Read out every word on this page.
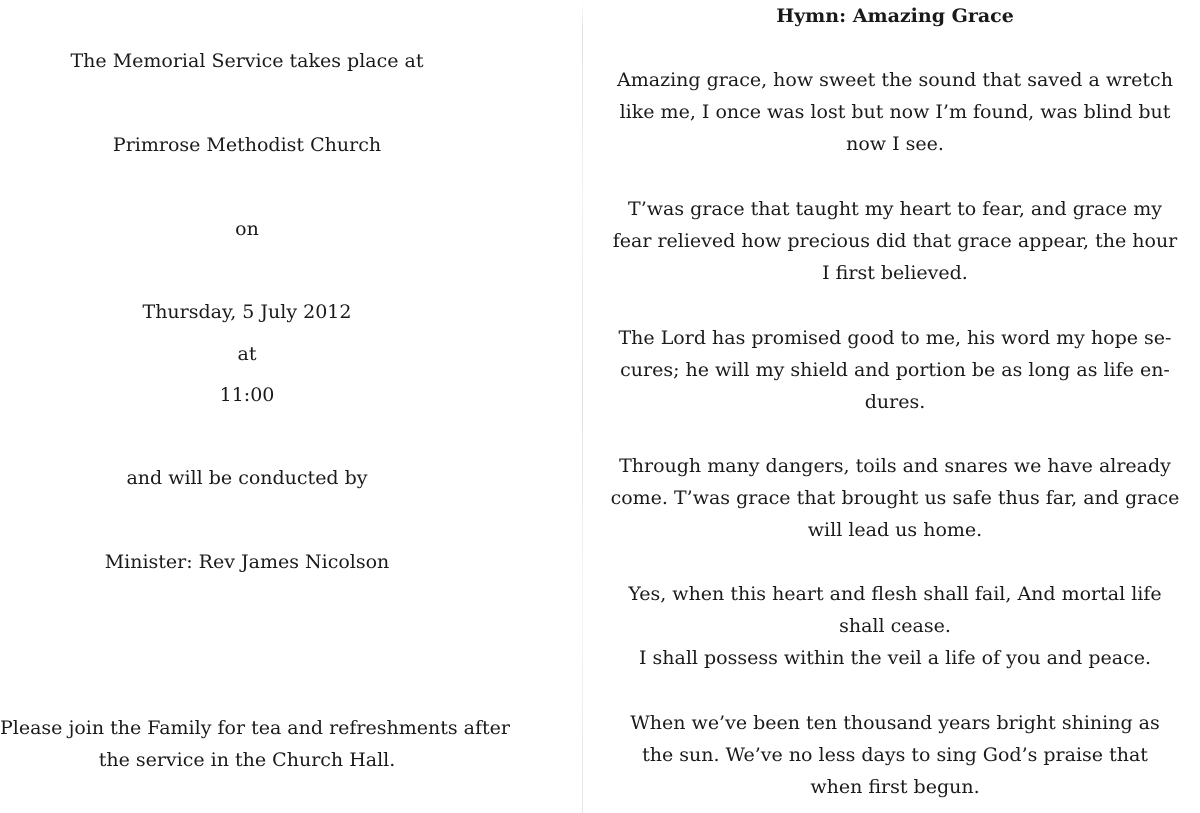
The Memorial Service takes place at
Primrose Methodist Church
on
Thursday, 5 July 2012
at
11:00
and will be conducted by
Minister: Rev James Nicolson
Please join the Family for tea and refreshments after
the service in the Church Hall.
Hymn: Amazing Grace
Amazing grace, how sweet the sound that saved a wretch
like me, I once was lost but now I’m found, was blind but
now I see.
T’was grace that taught my heart to fear, and grace my
fear relieved how precious did that grace appear, the hour
I first believed.
The Lord has promised good to me, his word my hope se-
cures; he will my shield and portion be as long as life en-
dures.
Through many dangers, toils and snares we have already
come. T’was grace that brought us safe thus far, and grace
will lead us home.
Yes, when this heart and flesh shall fail, And mortal life
shall cease.
I shall possess within the veil a life of you and peace.
When we’ve been ten thousand years bright shining as
the sun. We’ve no less days to sing God’s praise that
when first begun.
